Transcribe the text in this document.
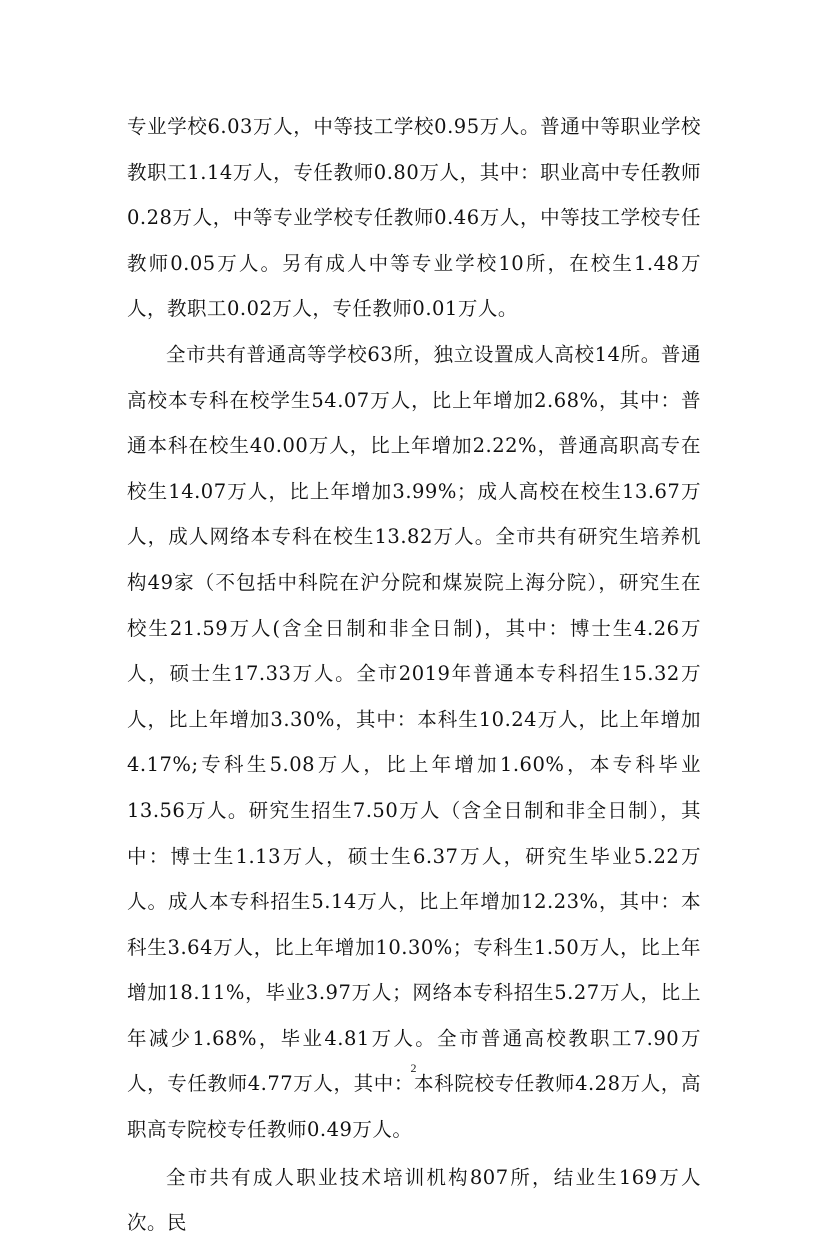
专业学校6.03万人，中等技工学校0.95万人。普通中等职业学校教职工1.14万人，专任教师0.80万人，其中：职业高中专任教师0.28万人，中等专业学校专任教师0.46万人，中等技工学校专任教师0.05万人。另有成人中等专业学校10所，在校生1.48万人，教职工0.02万人，专任教师0.01万人。

全市共有普通高等学校63所，独立设置成人高校14所。普通高校本专科在校学生54.07万人，比上年增加2.68%，其中：普通本科在校生40.00万人，比上年增加2.22%，普通高职高专在校生14.07万人，比上年增加3.99%；成人高校在校生13.67万人，成人网络本专科在校生13.82万人。全市共有研究生培养机构49家（不包括中科院在沪分院和煤炭院上海分院），研究生在校生21.59万人(含全日制和非全日制)，其中：博士生4.26万人，硕士生17.33万人。全市2019年普通本专科招生15.32万人，比上年增加3.30%，其中：本科生10.24万人，比上年增加4.17%;专科生5.08万人，比上年增加1.60%，本专科毕业13.56万人。研究生招生7.50万人（含全日制和非全日制），其中：博士生1.13万人，硕士生6.37万人，研究生毕业5.22万人。成人本专科招生5.14万人，比上年增加12.23%，其中：本科生3.64万人，比上年增加10.30%；专科生1.50万人，比上年增加18.11%，毕业3.97万人；网络本专科招生5.27万人，比上年减少1.68%，毕业4.81万人。全市普通高校教职工7.90万人，专任教师4.77万人，其中：本科院校专任教师4.28万人，高职高专院校专任教师0.49万人。

全市共有成人职业技术培训机构807所，结业生169万人次。民

2
